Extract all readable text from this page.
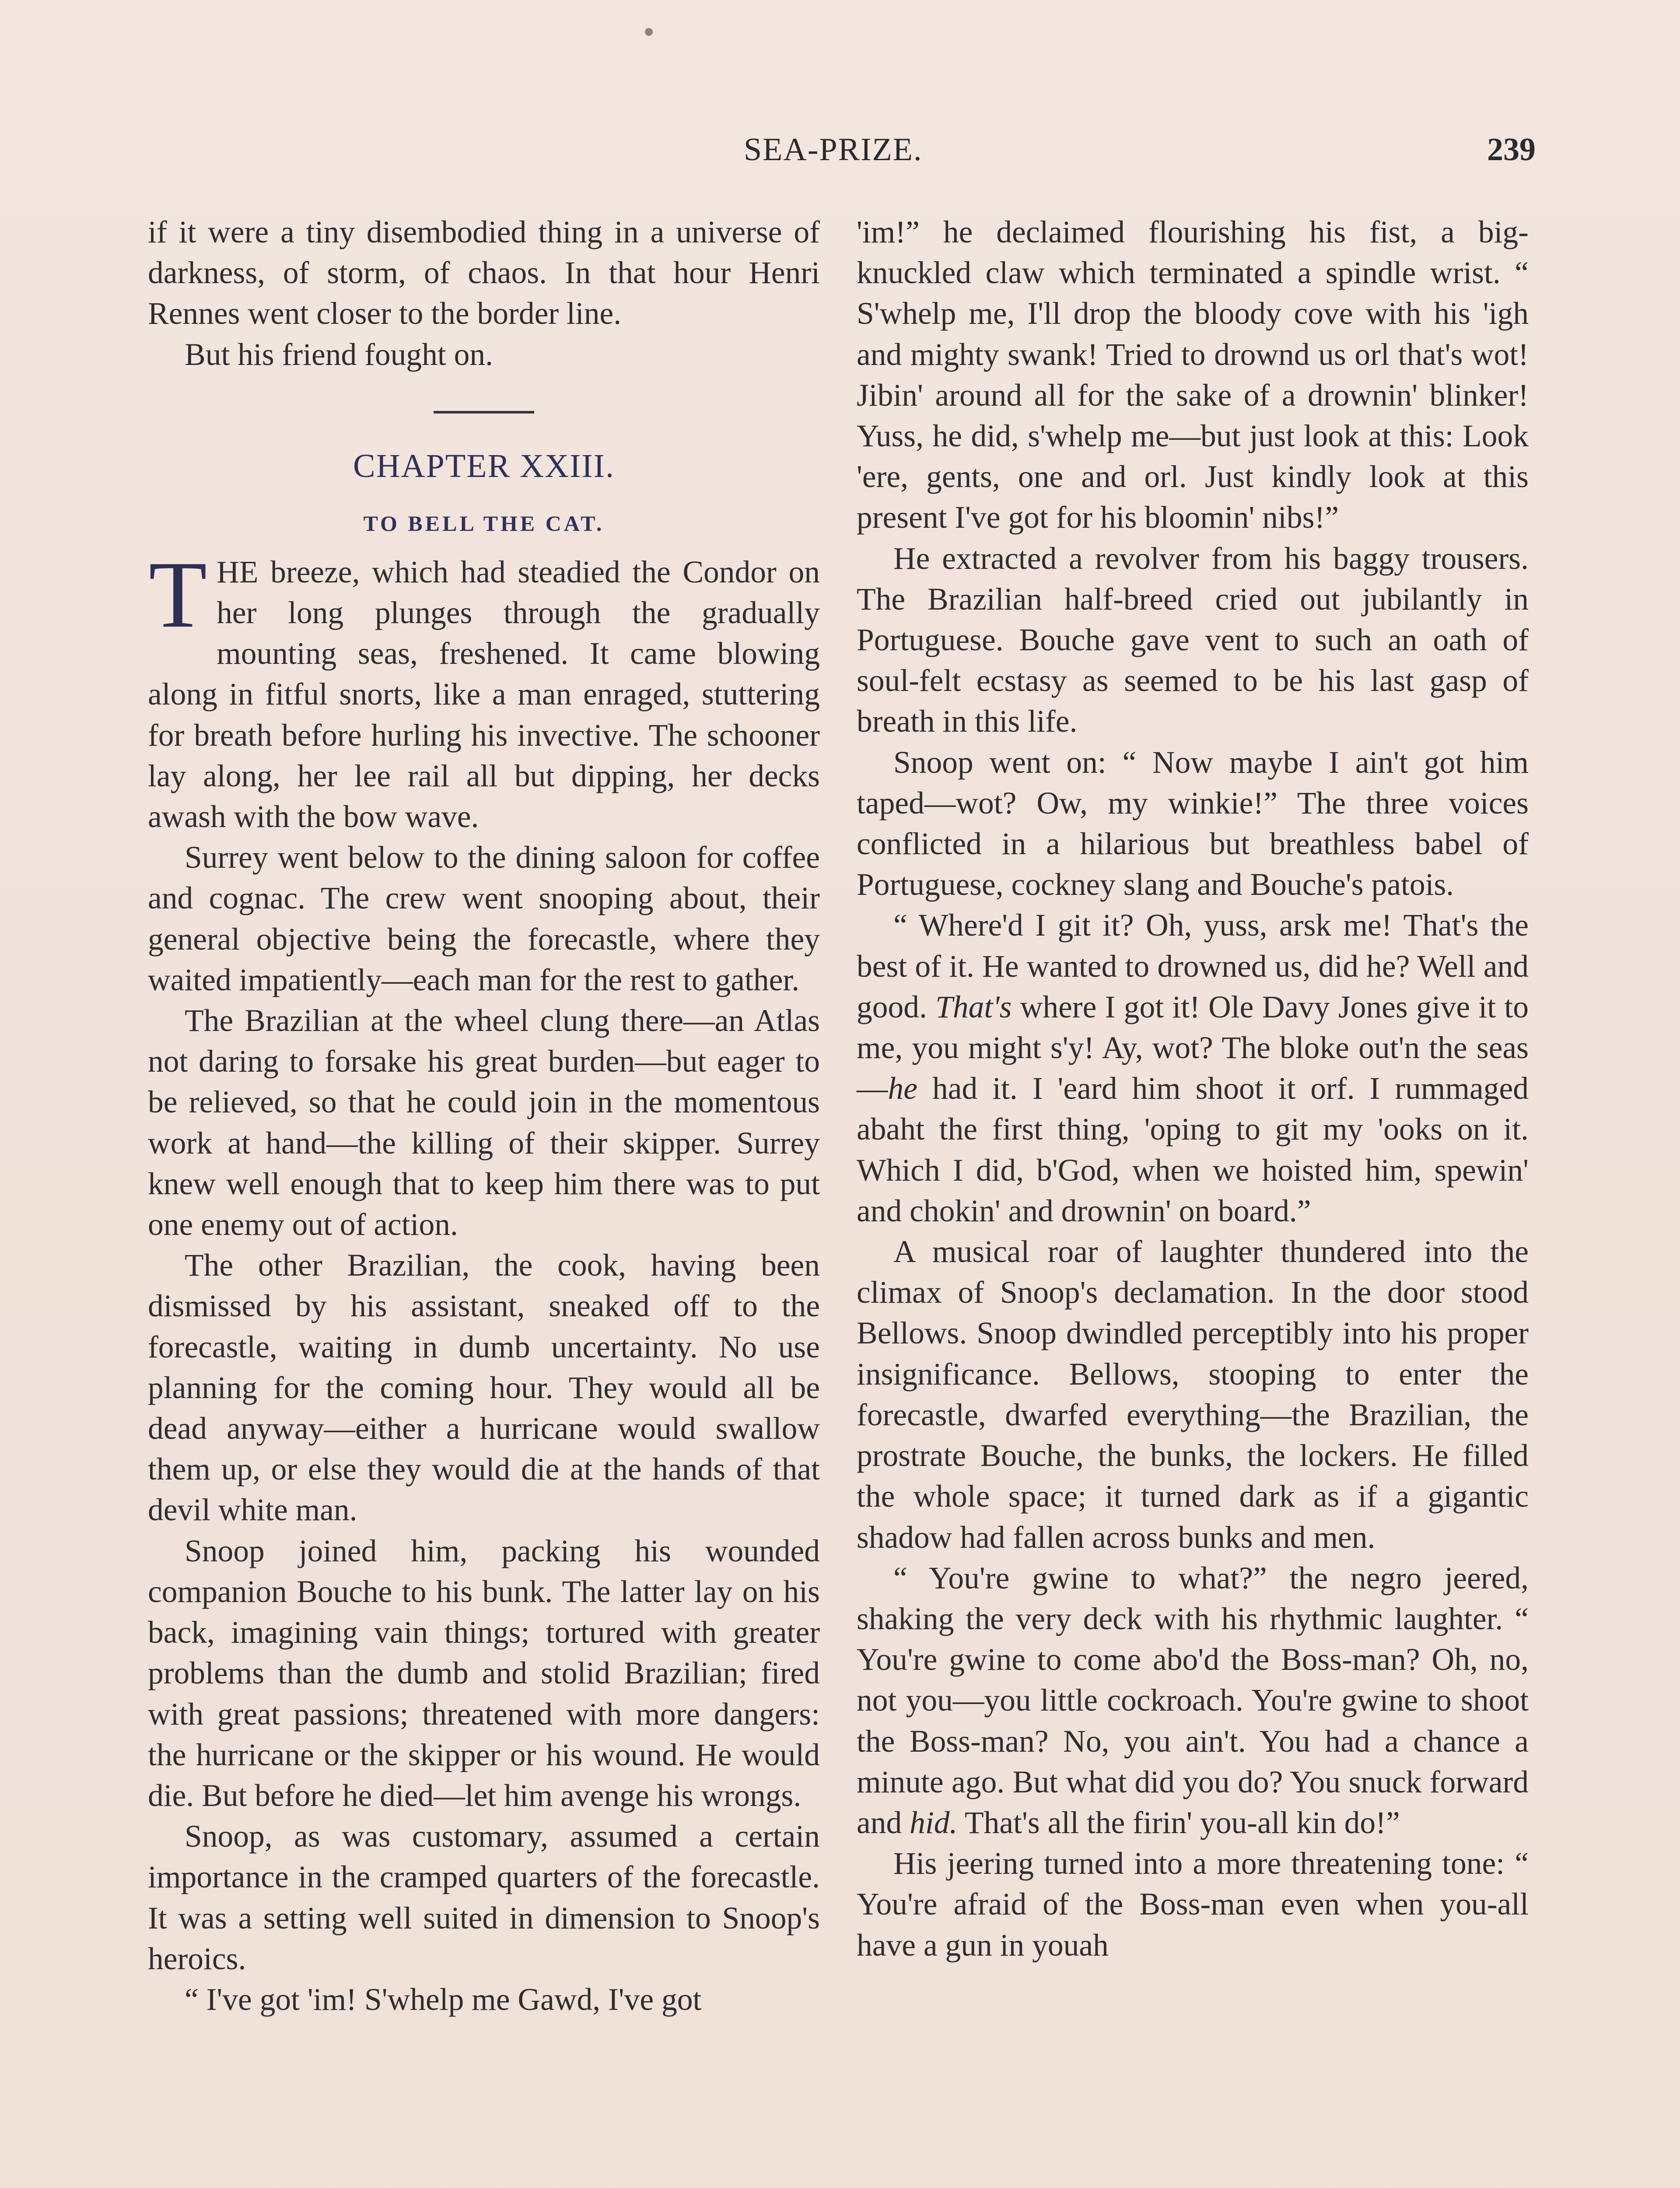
SEA-PRIZE.	239

if it were a tiny disembodied thing in a universe of darkness, of storm, of chaos. In that hour Henri Rennes went closer to the border line.

But his friend fought on.

CHAPTER XXIII.
TO BELL THE CAT.

THE breeze, which had steadied the Condor on her long plunges through the gradually mounting seas, freshened. It came blowing along in fitful snorts, like a man enraged, stuttering for breath before hurling his invective. The schooner lay along, her lee rail all but dipping, her decks awash with the bow wave.

Surrey went below to the dining saloon for coffee and cognac. The crew went snooping about, their general objective being the forecastle, where they waited impatiently—each man for the rest to gather.

The Brazilian at the wheel clung there—an Atlas not daring to forsake his great burden—but eager to be relieved, so that he could join in the momentous work at hand—the killing of their skipper. Surrey knew well enough that to keep him there was to put one enemy out of action.

The other Brazilian, the cook, having been dismissed by his assistant, sneaked off to the forecastle, waiting in dumb uncertainty. No use planning for the coming hour. They would all be dead anyway—either a hurricane would swallow them up, or else they would die at the hands of that devil white man.

Snoop joined him, packing his wounded companion Bouche to his bunk. The latter lay on his back, imagining vain things; tortured with greater problems than the dumb and stolid Brazilian; fired with great passions; threatened with more dangers: the hurricane or the skipper or his wound. He would die. But before he died—let him avenge his wrongs.

Snoop, as was customary, assumed a certain importance in the cramped quarters of the forecastle. It was a setting well suited in dimension to Snoop's heroics.

“ I've got 'im! S'whelp me Gawd, I've got

'im!” he declaimed flourishing his fist, a big-knuckled claw which terminated a spindle wrist. “ S'whelp me, I'll drop the bloody cove with his 'igh and mighty swank! Tried to drownd us orl that's wot! Jibin' around all for the sake of a drownin' blinker! Yuss, he did, s'whelp me—but just look at this: Look 'ere, gents, one and orl. Just kindly look at this present I've got for his bloomin' nibs!”

He extracted a revolver from his baggy trousers. The Brazilian half-breed cried out jubilantly in Portuguese. Bouche gave vent to such an oath of soul-felt ecstasy as seemed to be his last gasp of breath in this life.

Snoop went on: “ Now maybe I ain't got him taped—wot? Ow, my winkie!” The three voices conflicted in a hilarious but breathless babel of Portuguese, cockney slang and Bouche's patois.

“ Where'd I git it? Oh, yuss, arsk me! That's the best of it. He wanted to drowned us, did he? Well and good. That's where I got it! Ole Davy Jones give it to me, you might s'y! Ay, wot? The bloke out'n the seas—he had it. I 'eard him shoot it orf. I rummaged abaht the first thing, 'oping to git my 'ooks on it. Which I did, b'God, when we hoisted him, spewin' and chokin' and drownin' on board.”

A musical roar of laughter thundered into the climax of Snoop's declamation. In the door stood Bellows. Snoop dwindled perceptibly into his proper insignificance. Bellows, stooping to enter the forecastle, dwarfed everything—the Brazilian, the prostrate Bouche, the bunks, the lockers. He filled the whole space; it turned dark as if a gigantic shadow had fallen across bunks and men.

“ You're gwine to what?” the negro jeered, shaking the very deck with his rhythmic laughter. “ You're gwine to come abo'd the Boss-man? Oh, no, not you—you little cockroach. You're gwine to shoot the Boss-man? No, you ain't. You had a chance a minute ago. But what did you do? You snuck forward and hid. That's all the firin' you-all kin do!”

His jeering turned into a more threatening tone: “ You're afraid of the Boss-man even when you-all have a gun in youah
